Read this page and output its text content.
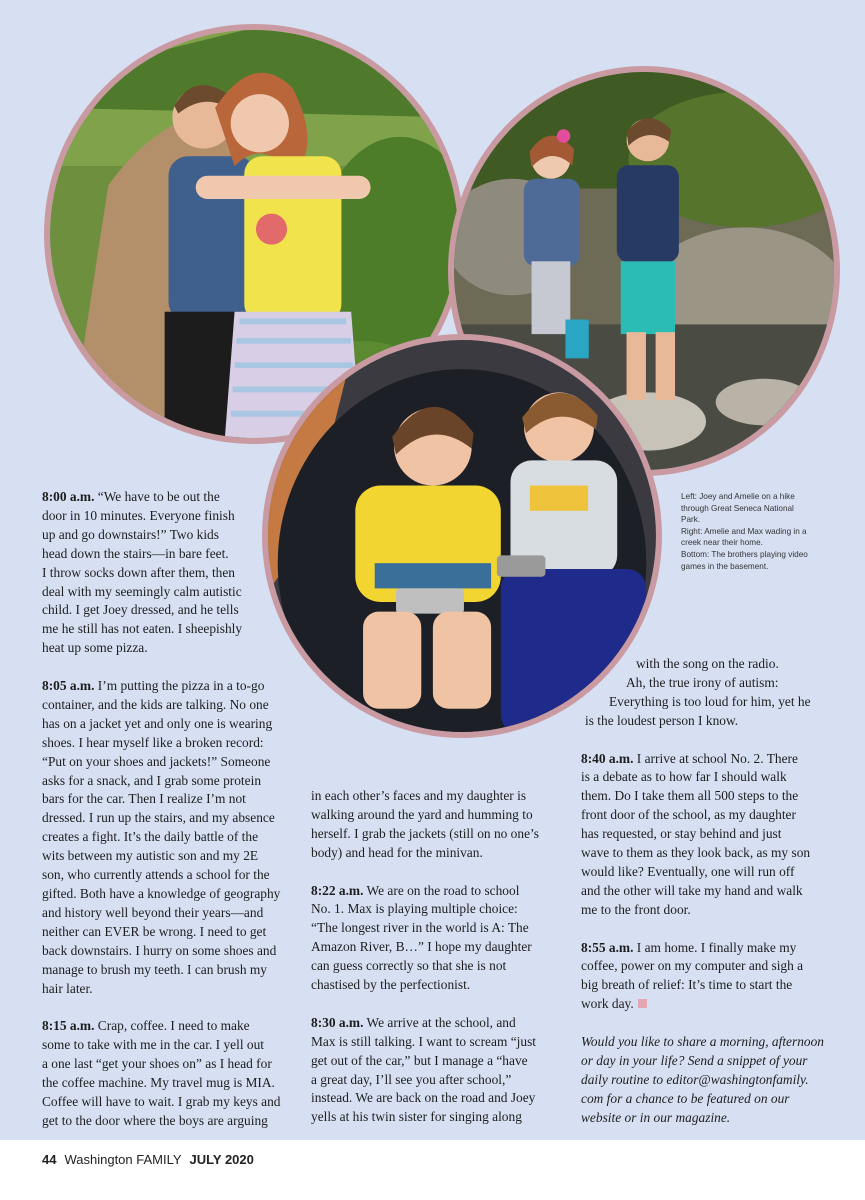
Left: Joey and Amelie on a hike
through Great Seneca National
Park.
Right: Amelie and Max wading in a
creek near their home.
Bottom: The brothers playing video
games in the basement.

8:00 a.m. “We have to be out the
door in 10 minutes. Everyone finish
up and go downstairs!” Two kids
head down the stairs—in bare feet.
I throw socks down after them, then
deal with my seemingly calm autistic
child. I get Joey dressed, and he tells
me he still has not eaten. I sheepishly
heat up some pizza.

8:05 a.m. I’m putting the pizza in a to-go
container, and the kids are talking. No one
has on a jacket yet and only one is wearing
shoes. I hear myself like a broken record:
“Put on your shoes and jackets!” Someone
asks for a snack, and I grab some protein
bars for the car. Then I realize I’m not
dressed. I run up the stairs, and my absence
creates a fight. It’s the daily battle of the
wits between my autistic son and my 2E
son, who currently attends a school for the
gifted. Both have a knowledge of geography
and history well beyond their years—and
neither can EVER be wrong. I need to get
back downstairs. I hurry on some shoes and
manage to brush my teeth. I can brush my
hair later.

8:15 a.m. Crap, coffee. I need to make
some to take with me in the car. I yell out
a one last “get your shoes on” as I head for
the coffee machine. My travel mug is MIA.
Coffee will have to wait. I grab my keys and
get to the door where the boys are arguing

in each other’s faces and my daughter is
walking around the yard and humming to
herself. I grab the jackets (still on no one’s
body) and head for the minivan.

8:22 a.m. We are on the road to school
No. 1. Max is playing multiple choice:
“The longest river in the world is A: The
Amazon River, B…” I hope my daughter
can guess correctly so that she is not
chastised by the perfectionist.

8:30 a.m. We arrive at the school, and
Max is still talking. I want to scream “just
get out of the car,” but I manage a “have
a great day, I’ll see you after school,”
instead. We are back on the road and Joey
yells at his twin sister for singing along

with the song on the radio.
Ah, the true irony of autism:
Everything is too loud for him, yet he
is the loudest person I know.

8:40 a.m. I arrive at school No. 2. There
is a debate as to how far I should walk
them. Do I take them all 500 steps to the
front door of the school, as my daughter
has requested, or stay behind and just
wave to them as they look back, as my son
would like? Eventually, one will run off
and the other will take my hand and walk
me to the front door.

8:55 a.m. I am home. I finally make my
coffee, power on my computer and sigh a
big breath of relief: It’s time to start the
work day.

Would you like to share a morning, afternoon
or day in your life? Send a snippet of your
daily routine to editor@washingtonfamily.
com for a chance to be featured on our
website or in our magazine.

44 Washington FAMILY JULY 2020
